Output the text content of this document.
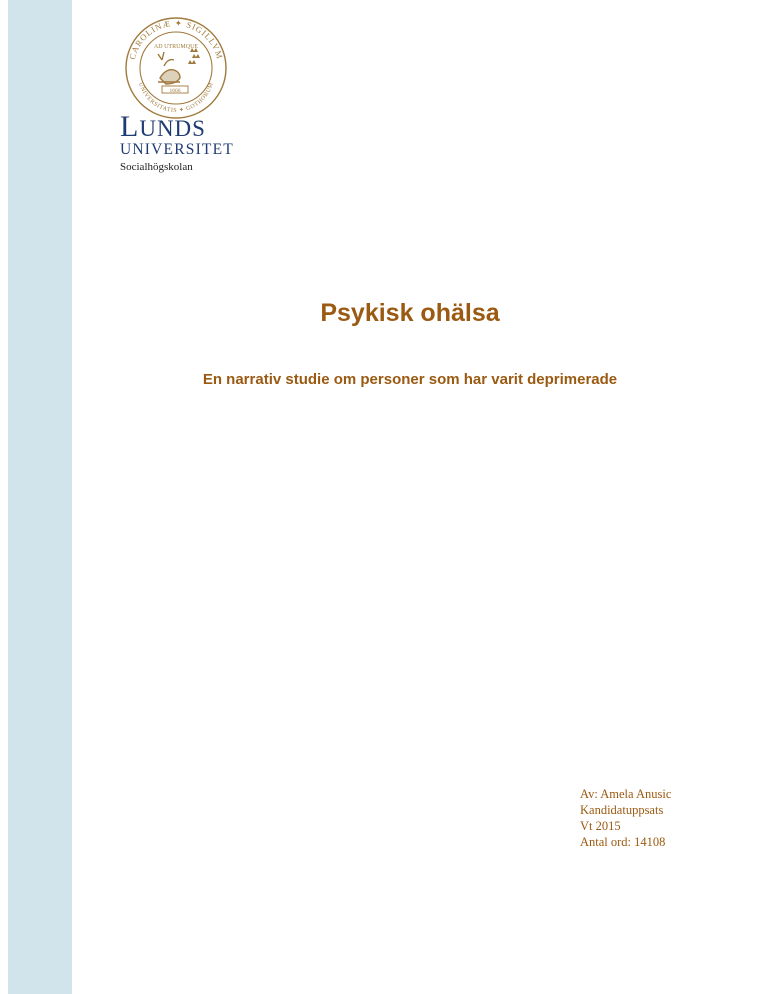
CAROLINÆ ✦ SIGILLVM
UNIVERSITATIS ✦ GOTHORUM
AD UTRUMQUE
1666
LUNDS
UNIVERSITET
Socialhögskolan
Psykisk ohälsa
En narrativ studie om personer som har varit deprimerade
Av: Amela Anusic
Kandidatuppsats
Vt 2015
Antal ord: 14108
